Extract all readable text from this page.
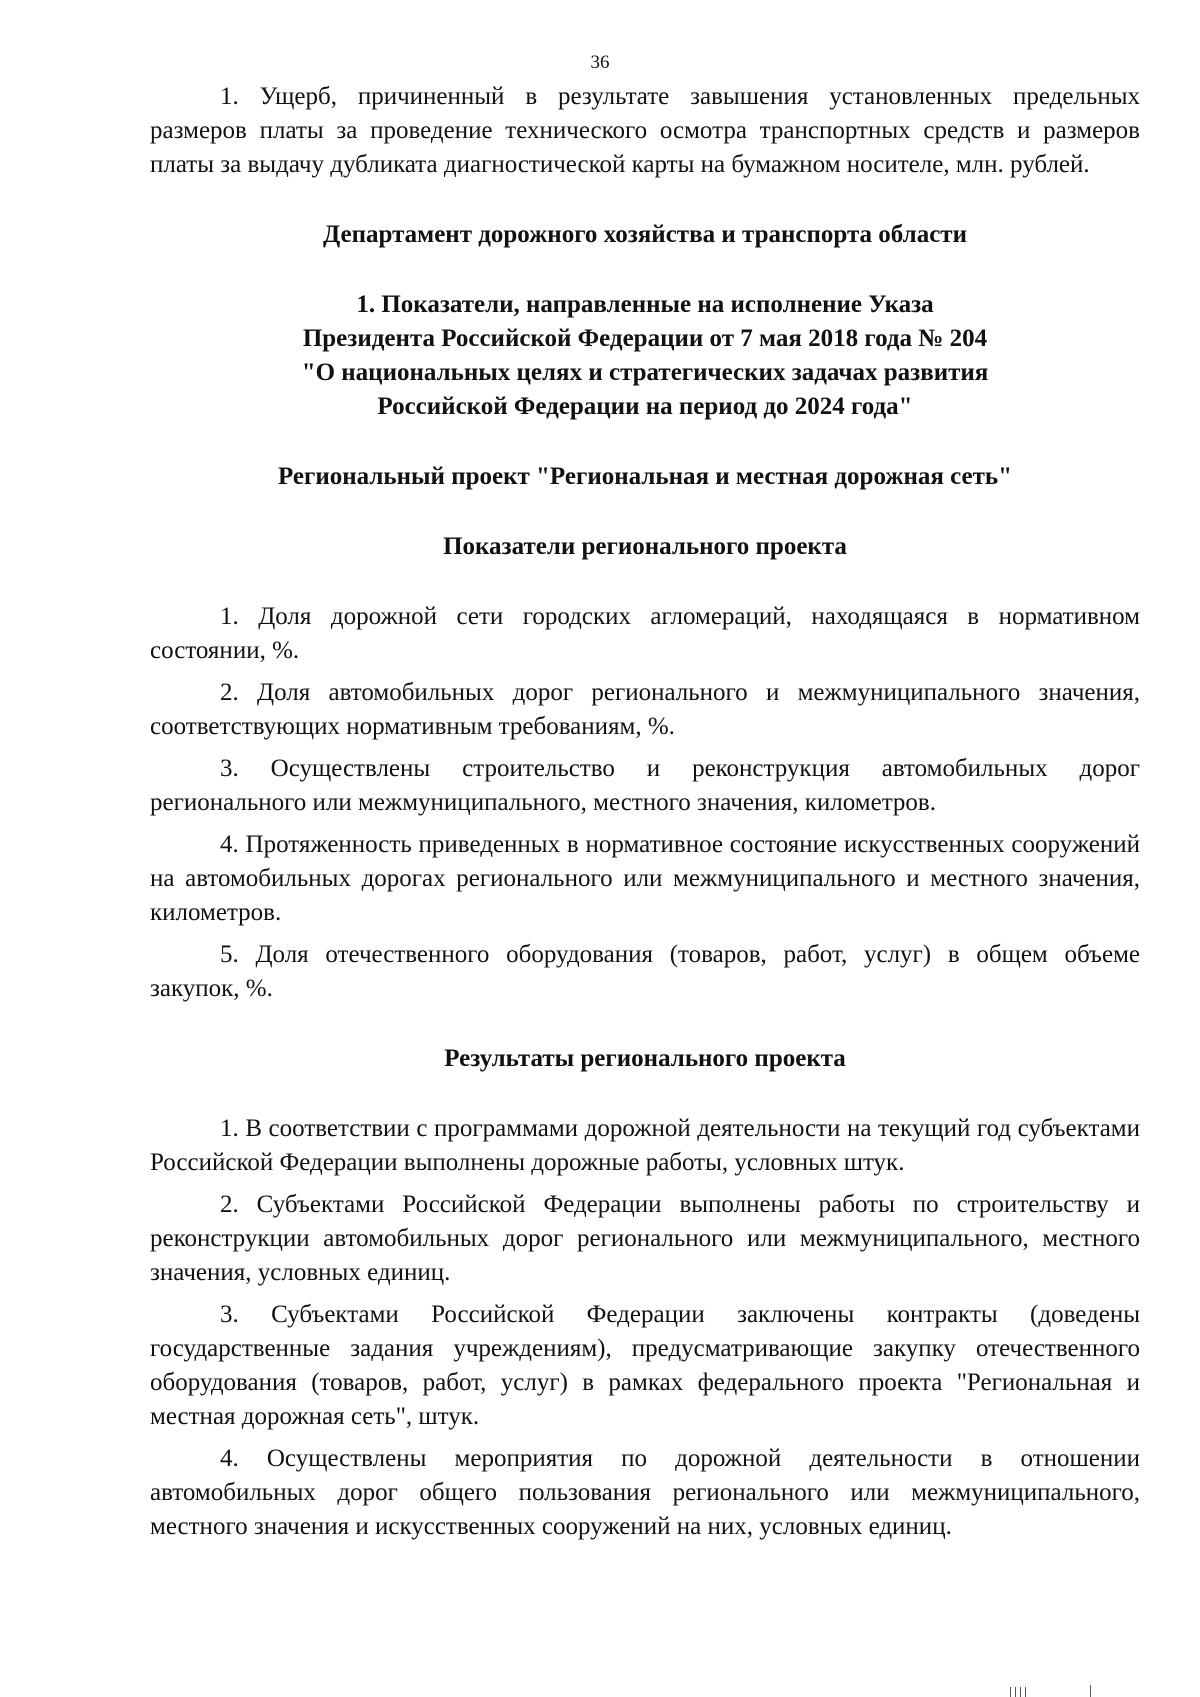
36

1. Ущерб, причиненный в результате завышения установленных предельных размеров платы за проведение технического осмотра транспортных средств и размеров платы за выдачу дубликата диагностической карты на бумажном носителе, млн. рублей.

Департамент дорожного хозяйства и транспорта области
1. Показатели, направленные на исполнение Указа
Президента Российской Федерации от 7 мая 2018 года № 204
"О национальных целях и стратегических задачах развития
Российской Федерации на период до 2024 года"
Региональный проект "Региональная и местная дорожная сеть"
Показатели регионального проекта

1. Доля дорожной сети городских агломераций, находящаяся в нормативном состоянии, %.

2. Доля автомобильных дорог регионального и межмуниципального значения, соответствующих нормативным требованиям, %.

3. Осуществлены строительство и реконструкция автомобильных дорог регионального или межмуниципального, местного значения, километров.

4. Протяженность приведенных в нормативное состояние искусственных сооружений на автомобильных дорогах регионального или межмуниципального и местного значения, километров.

5. Доля отечественного оборудования (товаров, работ, услуг) в общем объеме закупок, %.

Результаты регионального проекта

1. В соответствии с программами дорожной деятельности на текущий год субъектами Российской Федерации выполнены дорожные работы, условных штук.

2. Субъектами Российской Федерации выполнены работы по строительству и реконструкции автомобильных дорог регионального или межмуниципального, местного значения, условных единиц.

3. Субъектами Российской Федерации заключены контракты (доведены государственные задания учреждениям), предусматривающие закупку отечественного оборудования (товаров, работ, услуг) в рамках федерального проекта "Региональная и местная дорожная сеть", штук.

4. Осуществлены мероприятия по дорожной деятельности в отношении автомобильных дорог общего пользования регионального или межмуниципального, местного значения и искусственных сооружений на них, условных единиц.
